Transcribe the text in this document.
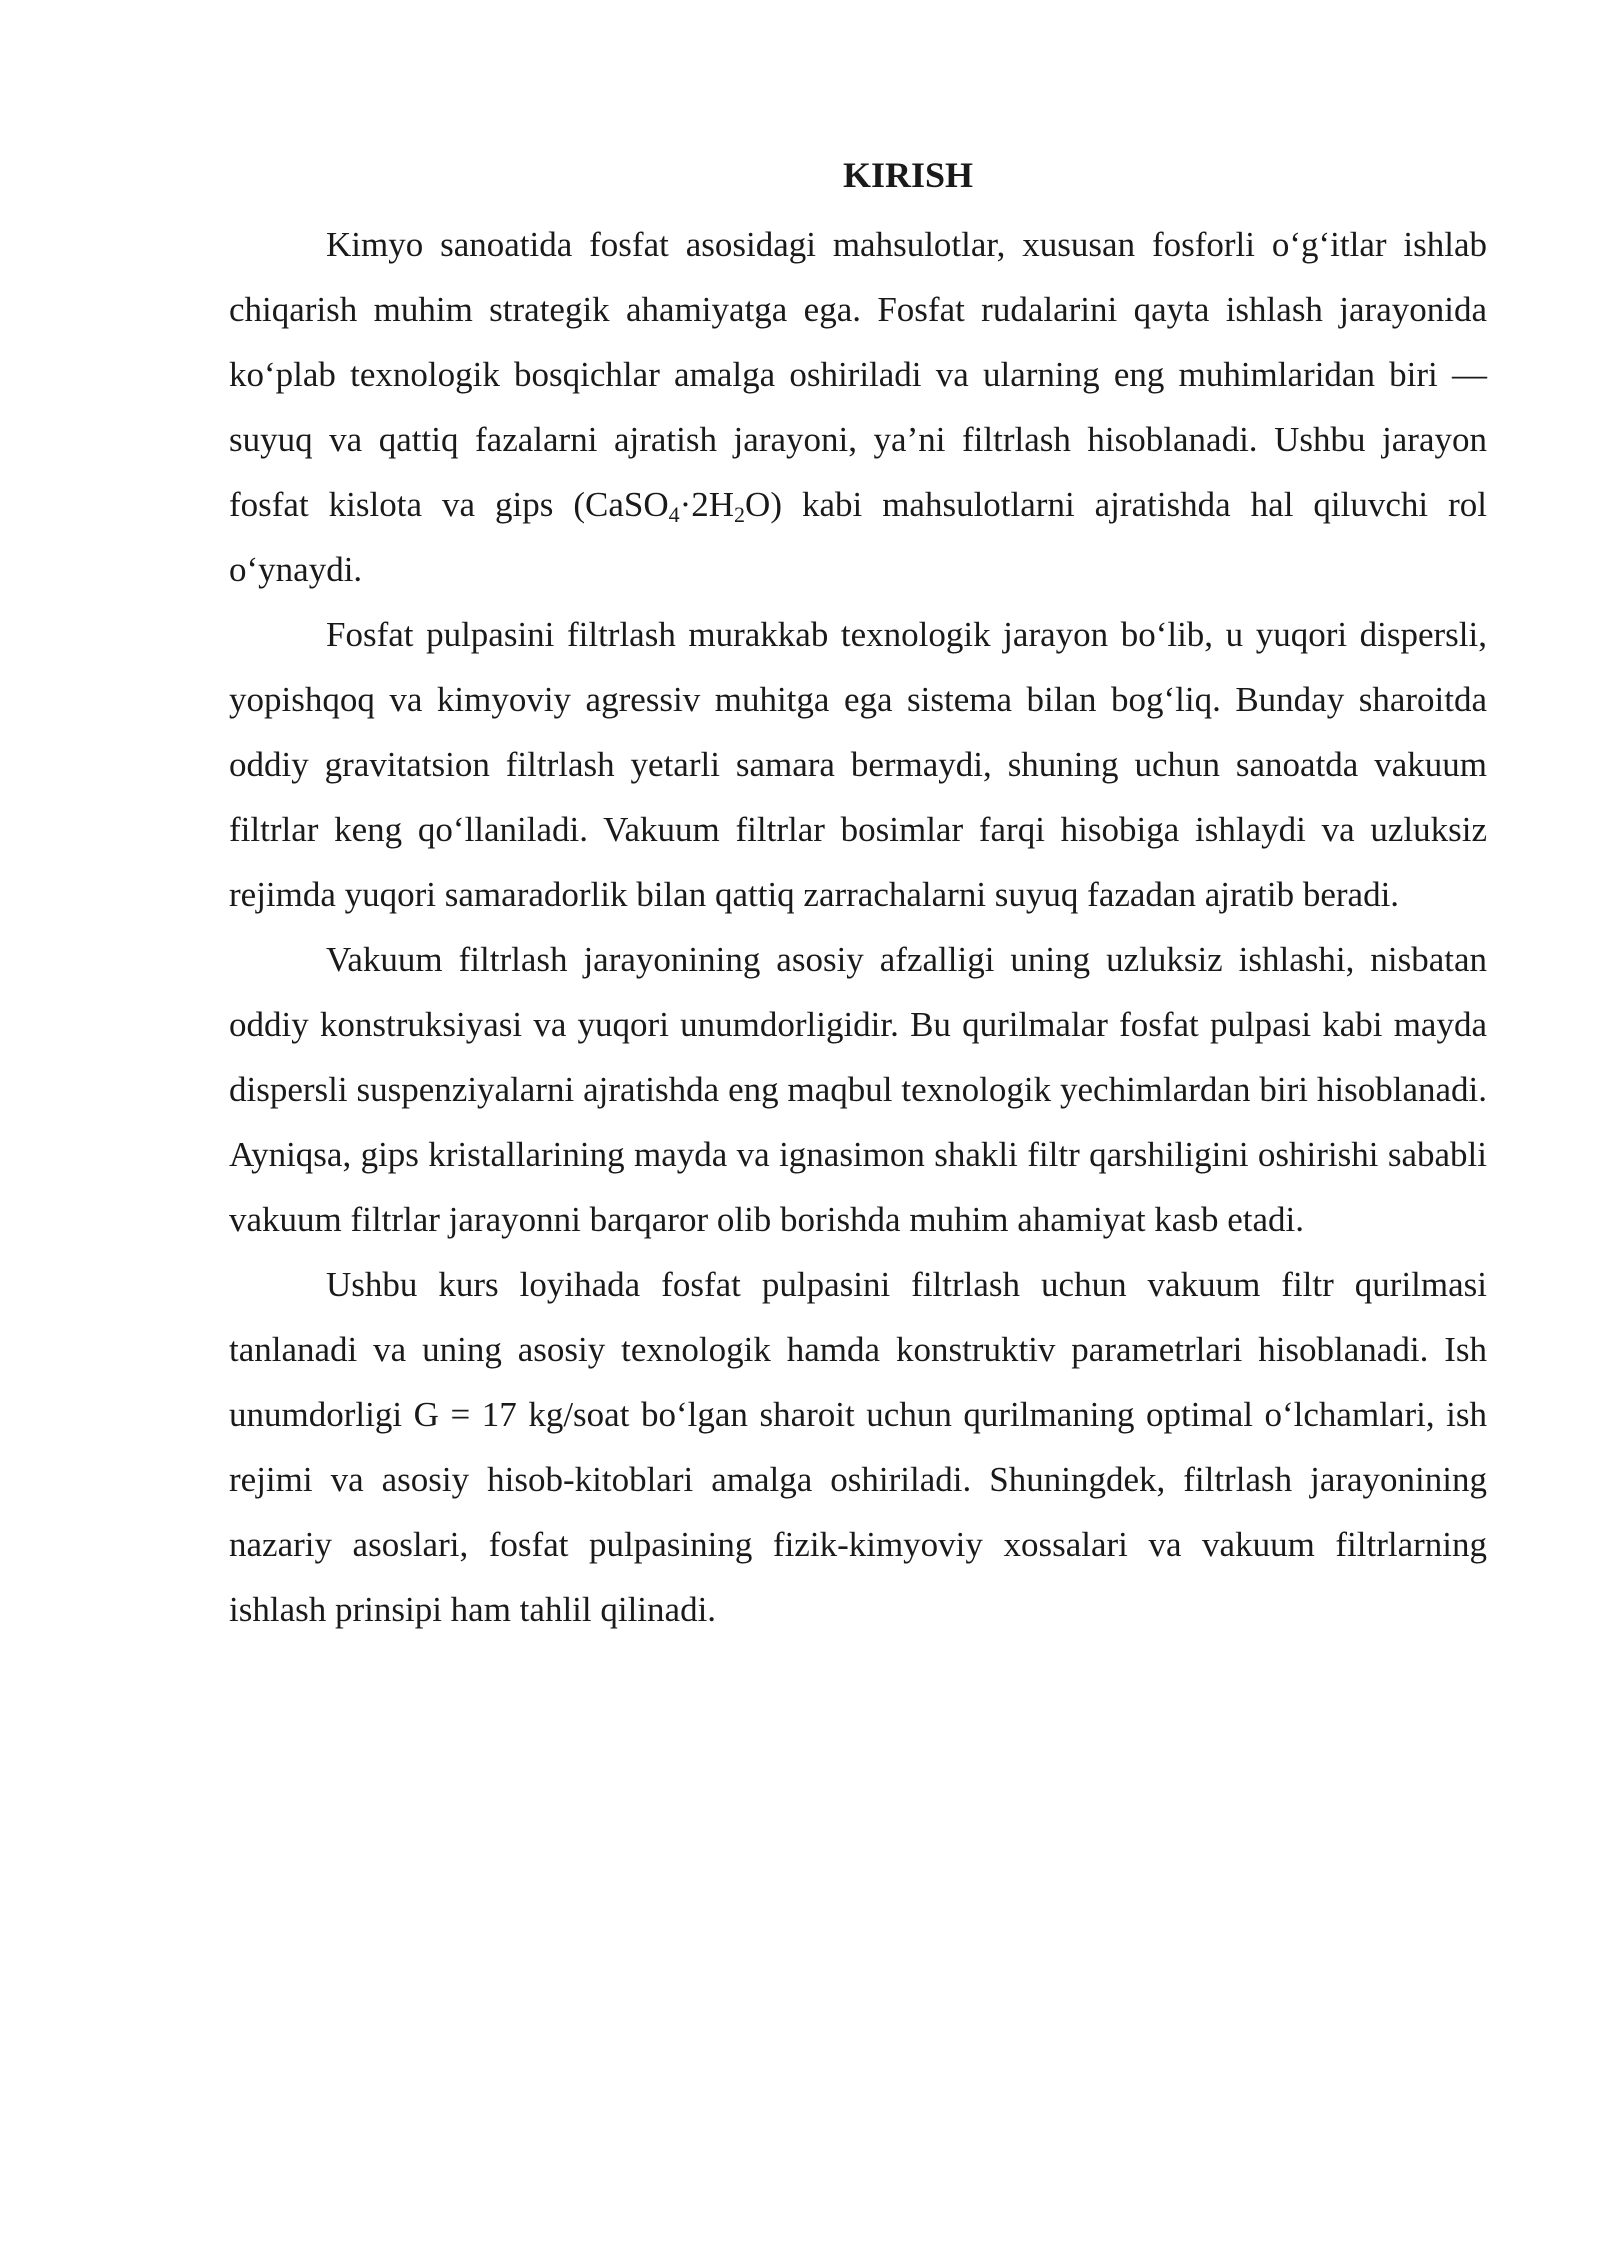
KIRISH

Kimyo sanoatida fosfat asosidagi mahsulotlar, xususan fosforli o‘g‘itlar ishlab chiqarish muhim strategik ahamiyatga ega. Fosfat rudalarini qayta ishlash jarayonida ko‘plab texnologik bosqichlar amalga oshiriladi va ularning eng muhimlaridan biri — suyuq va qattiq fazalarni ajratish jarayoni, ya’ni filtrlash hisoblanadi. Ushbu jarayon fosfat kislota va gips $(CaSO_4\cdot 2H_2O)$ kabi mahsulotlarni ajratishda hal qiluvchi rol o‘ynaydi.

Fosfat pulpasini filtrlash murakkab texnologik jarayon bo‘lib, u yuqori dispersli, yopishqoq va kimyoviy agressiv muhitga ega sistema bilan bog‘liq. Bunday sharoitda oddiy gravitatsion filtrlash yetarli samara bermaydi, shuning uchun sanoatda vakuum filtrlar keng qo‘llaniladi. Vakuum filtrlar bosimlar farqi hisobiga ishlaydi va uzluksiz rejimda yuqori samaradorlik bilan qattiq zarrachalarni suyuq fazadan ajratib beradi.

Vakuum filtrlash jarayonining asosiy afzalligi uning uzluksiz ishlashi, nisbatan oddiy konstruksiyasi va yuqori unumdorligidir. Bu qurilmalar fosfat pulpasi kabi mayda dispersli suspenziyalarni ajratishda eng maqbul texnologik yechimlardan biri hisoblanadi. Ayniqsa, gips kristallarining mayda va ignasimon shakli filtr qarshiligini oshirishi sababli vakuum filtrlar jarayonni barqaror olib borishda muhim ahamiyat kasb etadi.

Ushbu kurs loyihada fosfat pulpasini filtrlash uchun vakuum filtr qurilmasi tanlanadi va uning asosiy texnologik hamda konstruktiv parametrlari hisoblanadi. Ish unumdorligi G = 17 kg/soat bo‘lgan sharoit uchun qurilmaning optimal o‘lchamlari, ish rejimi va asosiy hisob-kitoblari amalga oshiriladi. Shuningdek, filtrlash jarayonining nazariy asoslari, fosfat pulpasining fizik-kimyoviy xossalari va vakuum filtrlarning ishlash prinsipi ham tahlil qilinadi.
